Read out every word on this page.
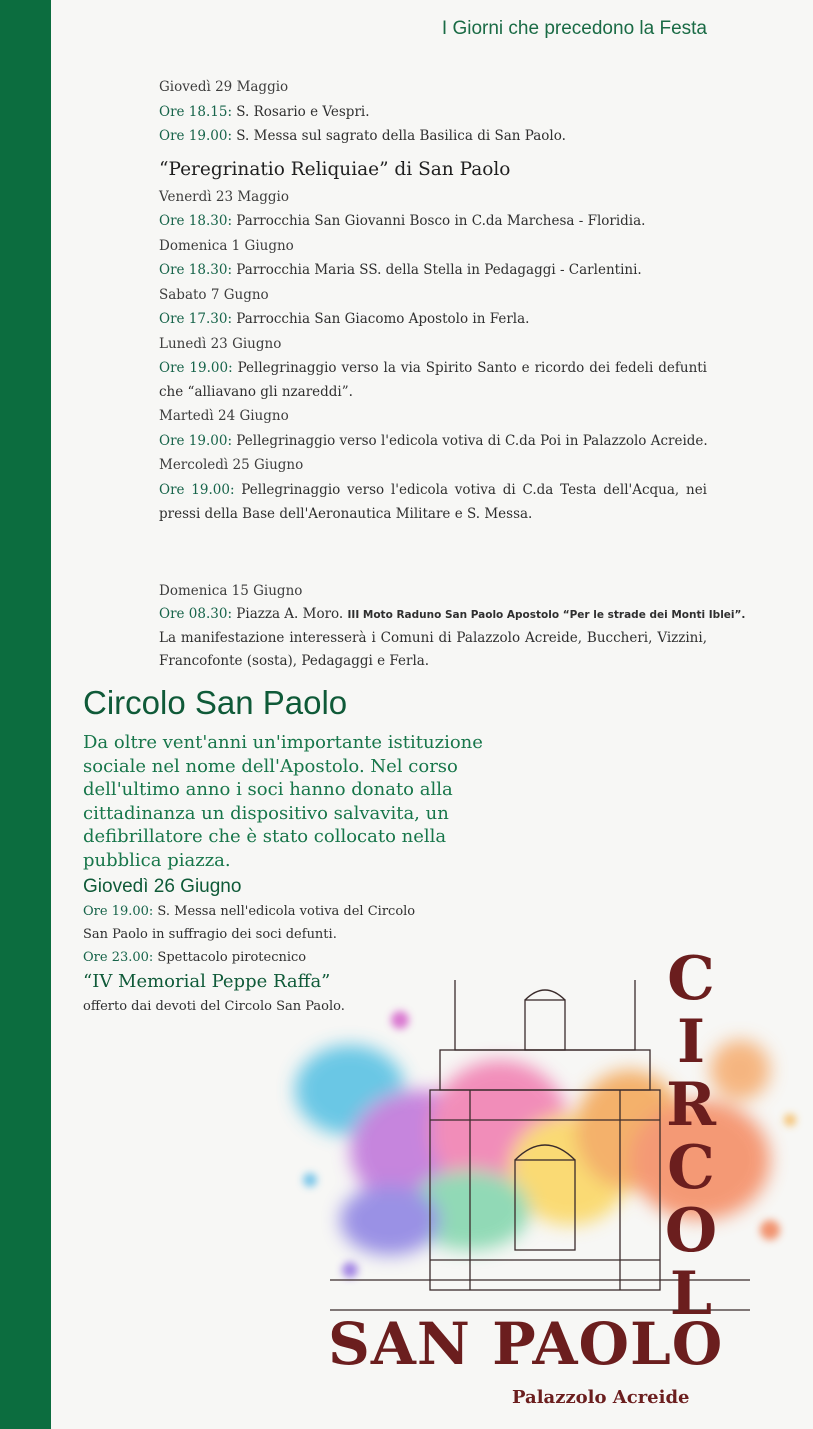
I Giorni che precedono la Festa
Giovedì 29 Maggio
Ore 18.15: S. Rosario e Vespri.
Ore 19.00: S. Messa sul sagrato della Basilica di San Paolo.
“Peregrinatio Reliquiae” di San Paolo
Venerdì 23 Maggio
Ore 18.30: Parrocchia San Giovanni Bosco in C.da Marchesa - Floridia.
Domenica 1 Giugno
Ore 18.30: Parrocchia Maria SS. della Stella in Pedagaggi - Carlentini.
Sabato 7 Gugno
Ore 17.30: Parrocchia San Giacomo Apostolo in Ferla.
Lunedì 23 Giugno
Ore 19.00: Pellegrinaggio verso la via Spirito Santo e ricordo dei fedeli defunti che “alliavano gli nzareddi”.
Martedì 24 Giugno
Ore 19.00: Pellegrinaggio verso l'edicola votiva di C.da Poi in Palazzolo Acreide.
Mercoledì 25 Giugno
Ore 19.00: Pellegrinaggio verso l'edicola votiva di C.da Testa dell'Acqua, nei pressi della Base dell'Aeronautica Militare e S. Messa.
Domenica 15 Giugno
Ore 08.30: Piazza A. Moro. III Moto Raduno San Paolo Apostolo “Per le strade dei Monti Iblei”.
La manifestazione interesserà i Comuni di Palazzolo Acreide, Buccheri, Vizzini, Francofonte (sosta), Pedagaggi e Ferla.
Circolo San Paolo
Da oltre vent'anni un'importante istituzione sociale nel nome dell'Apostolo. Nel corso dell'ultimo anno i soci hanno donato alla cittadinanza un dispositivo salvavita, un defibrillatore che è stato collocato nella pubblica piazza.
Giovedì 26 Giugno
Ore 19.00: S. Messa nell'edicola votiva del Circolo San Paolo in suffragio dei soci defunti.
Ore 23.00: Spettacolo pirotecnico
“IV Memorial Peppe Raffa”
offerto dai devoti del Circolo San Paolo.	C
I
R
C
O
L
SAN PAOLO
Palazzolo Acreide
